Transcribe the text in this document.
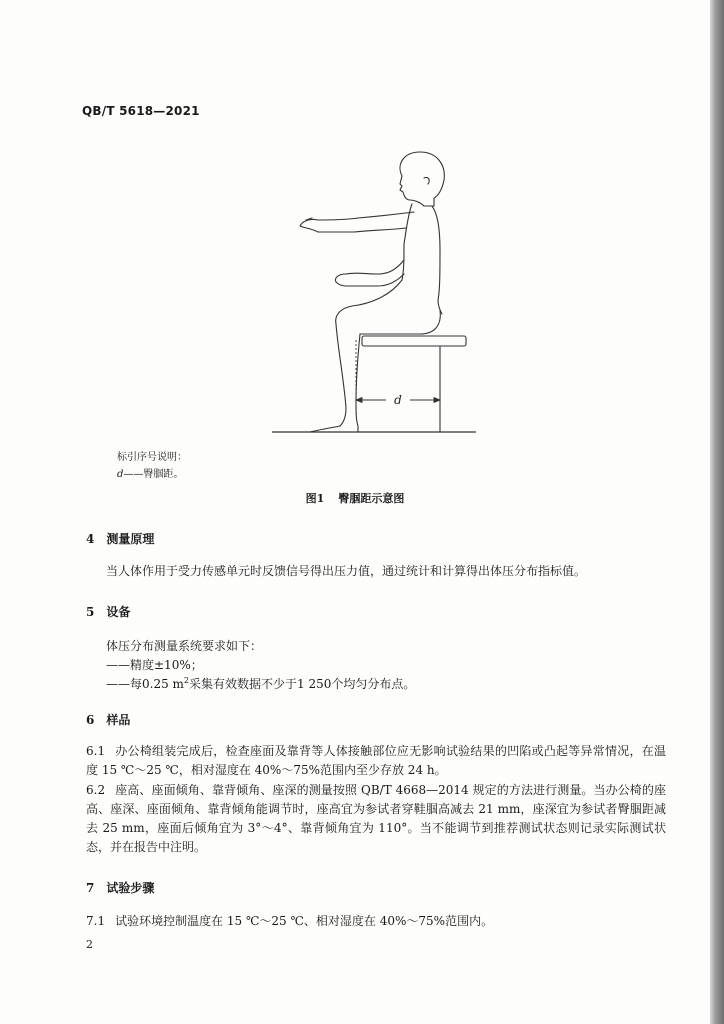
QB/T 5618—2021
d
标引序号说明：
d——臀腘距。
图1 臀腘距示意图
4 测量原理
当人体作用于受力传感单元时反馈信号得出压力值，通过统计和计算得出体压分布指标值。
5 设备
体压分布测量系统要求如下：
——精度±10%；
——每0.25 $m^2$采集有效数据不少于1 250个均匀分布点。
6 样品
6.1 办公椅组装完成后，检查座面及靠背等人体接触部位应无影响试验结果的凹陷或凸起等异常情况，在温度 15 ℃～25 ℃，相对湿度在 40%～75%范围内至少存放 24 h。
6.2 座高、座面倾角、靠背倾角、座深的测量按照 QB/T 4668—2014 规定的方法进行测量。当办公椅的座高、座深、座面倾角、靠背倾角能调节时，座高宜为参试者穿鞋腘高减去 21 mm，座深宜为参试者臀腘距减去 25 mm，座面后倾角宜为 3°～4°、靠背倾角宜为 110°。当不能调节到推荐测试状态则记录实际测试状态，并在报告中注明。
7 试验步骤
7.1 试验环境控制温度在 15 ℃～25 ℃、相对湿度在 40%～75%范围内。
2
